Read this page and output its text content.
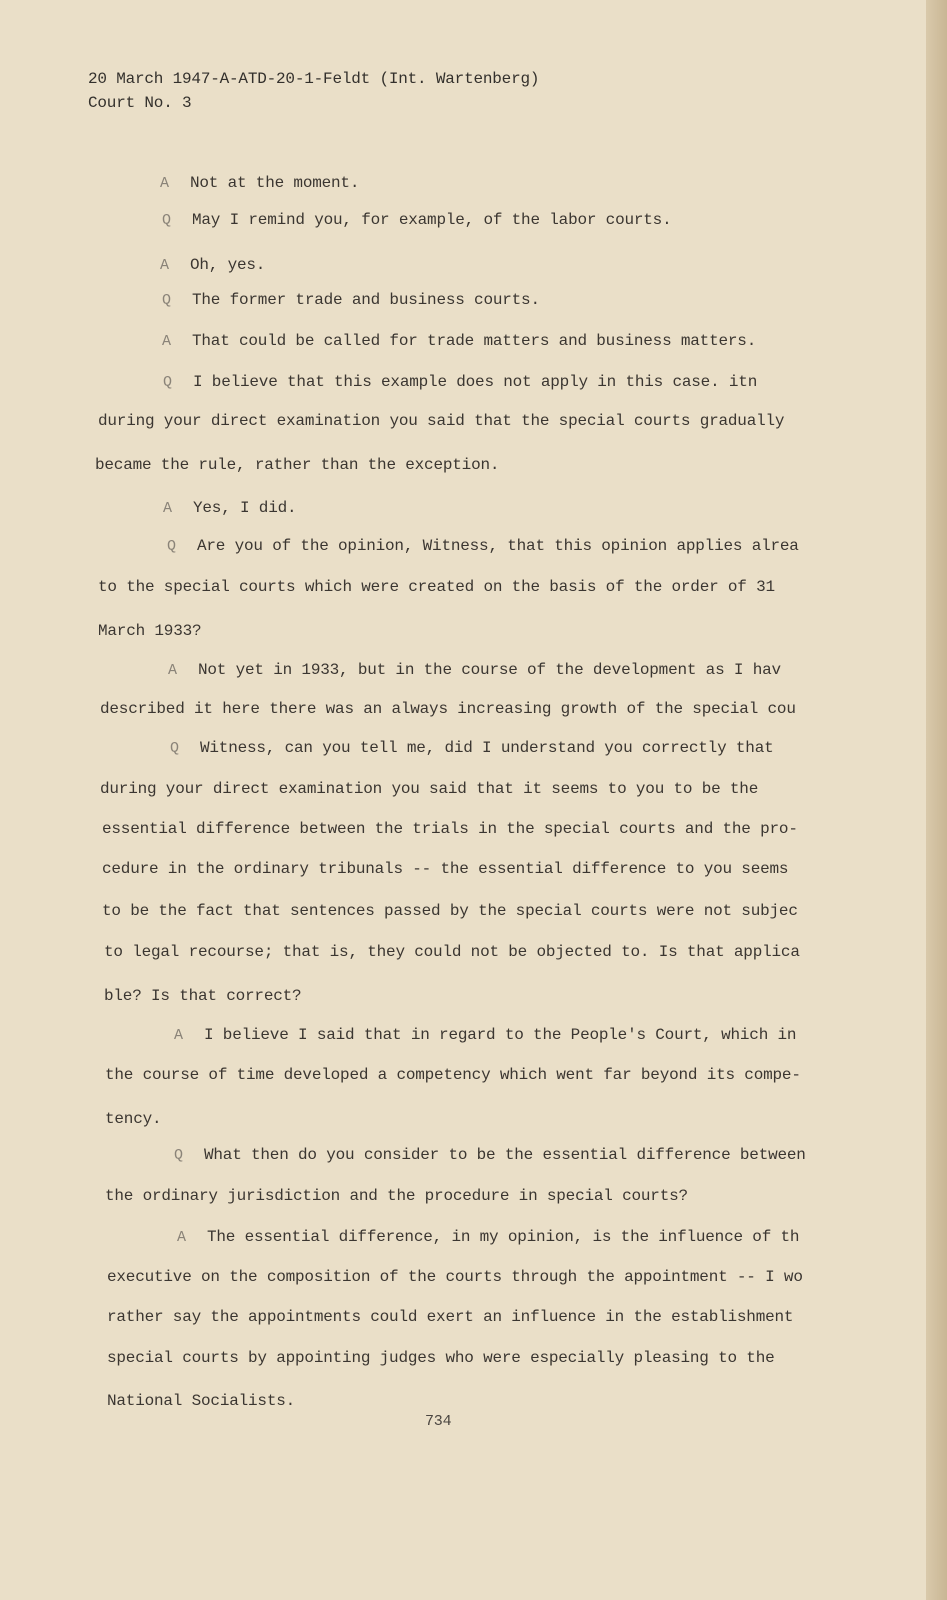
20 March 1947-A-ATD-20-1-Feldt (Int. Wartenberg)
Court No. 3
A Not at the moment.
Q May I remind you, for example, of the labor courts.
A Oh, yes.
Q The former trade and business courts.
A That could be called for trade matters and business matters.
Q I believe that this example does not apply in this case. itn
during your direct examination you said that the special courts gradually
became the rule, rather than the exception.
A Yes, I did.
Q Are you of the opinion, Witness, that this opinion applies alrea
to the special courts which were created on the basis of the order of 31
March 1933?
A Not yet in 1933, but in the course of the development as I hav
described it here there was an always increasing growth of the special cou
Q Witness, can you tell me, did I understand you correctly that
during your direct examination you said that it seems to you to be the
essential difference between the trials in the special courts and the pro-
cedure in the ordinary tribunals -- the essential difference to you seems
to be the fact that sentences passed by the special courts were not subjec
to legal recourse; that is, they could not be objected to. Is that applica
ble? Is that correct?
A I believe I said that in regard to the People's Court, which in
the course of time developed a competency which went far beyond its compe-
tency.
Q What then do you consider to be the essential difference between
the ordinary jurisdiction and the procedure in special courts?
A The essential difference, in my opinion, is the influence of th
executive on the composition of the courts through the appointment -- I wo
rather say the appointments could exert an influence in the establishment
special courts by appointing judges who were especially pleasing to the
National Socialists.
734
